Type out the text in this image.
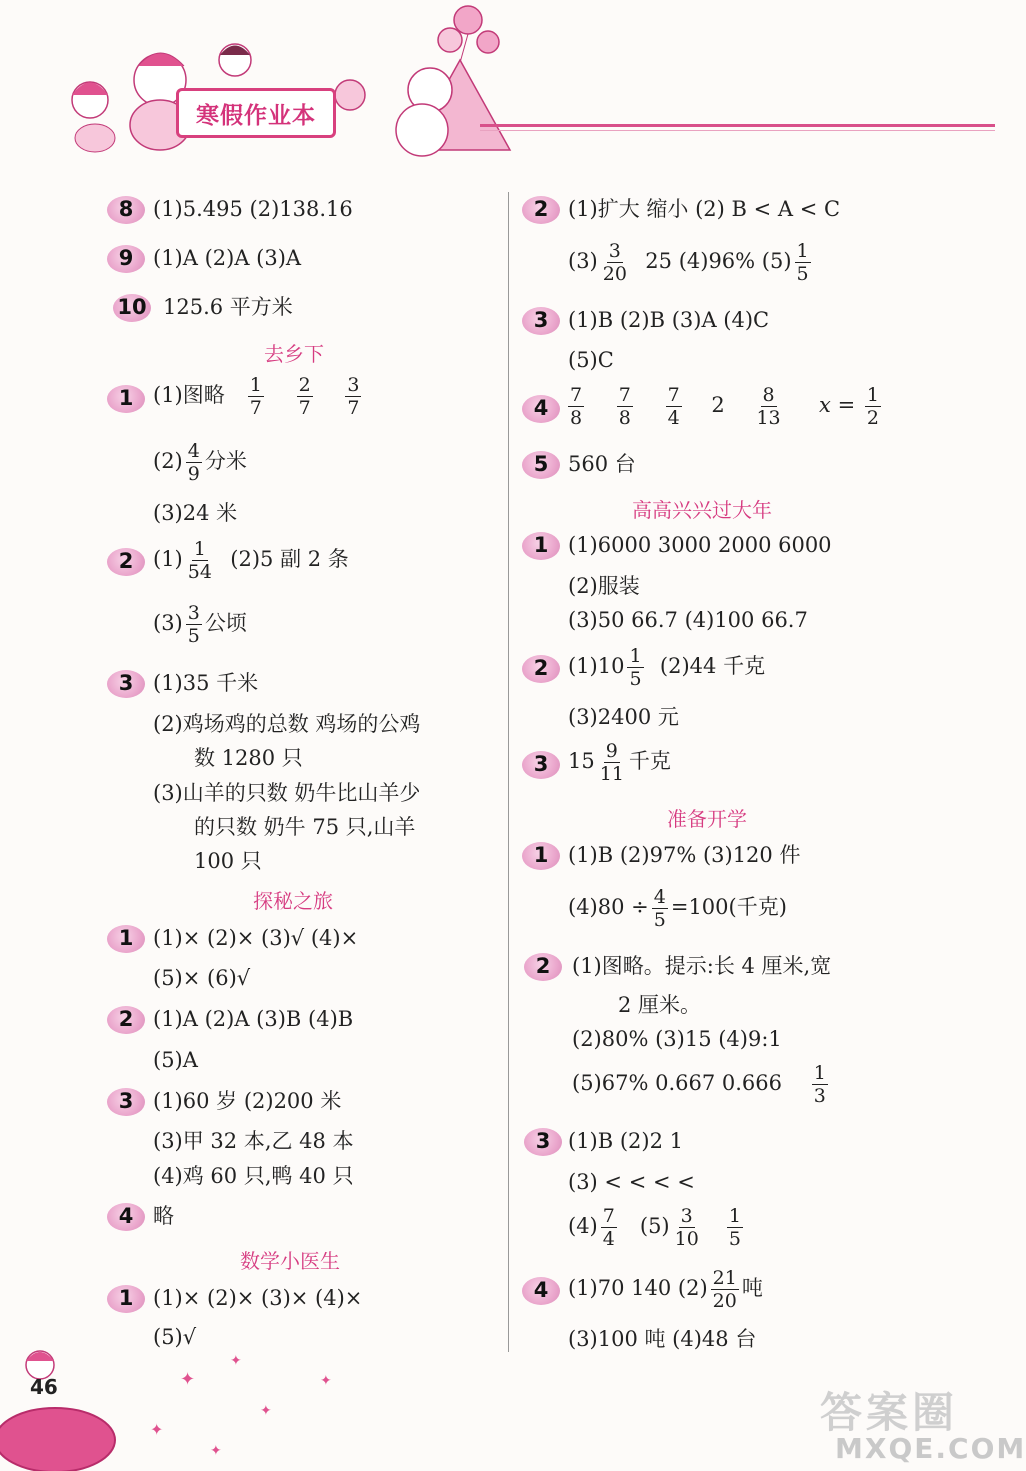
寒假作业本
8 (1)5.495 (2)138.16
9 (1)A (2)A (3)A
10 125.6 平方米
去乡下
1 (1)图略 $\frac{1}{7}$
$\frac{2}{7}$
$\frac{3}{7}$
$(2) \frac{4}{9}$ 分米
(3)24 米
2 $(1) \frac{1}{54} (2)5$ 副 2 条
$(3) \frac{3}{5}$ 公顷
3 (1)35 千米
(2)鸡场鸡的总数 鸡场的公鸡
数 1280 只
(3)山羊的只数 奶牛比山羊少
的只数 奶牛 75 只,山羊
100 只
探秘之旅
1 (1)× (2)× (3)√ (4)×
(5)× (6)√
2 (1)A (2)A (3)B (4)B
(5)A
3 (1)60 岁 (2)200 米
(3)甲 32 本,乙 48 本
(4)鸡 60 只,鸭 40 只
4 略
数学小医生
1 (1)× (2)× (3)× (4)×
(5)√
2 (1)扩大 缩小 (2) B < A < C
$(3) \frac{3}{20} 25$ (4)96% $(5) \frac{1}{5}$
3 (1)B (2)B (3)A (4)C
(5)C
4	$\frac{7}{8}$
$\frac{7}{8}$
$\frac{7}{4} 2 \frac{8}{13}$ $x = \frac{1}{2}$
5 560 台
高高兴兴过大年
1 (1)6000 3000 2000 6000
(2)服装
(3)50 66.7 (4)100 66.7
2 $(1)10 \frac{1}{5} (2)44$ 千克
(3)2400 元
3 $15 \frac{9}{11}$ 千克
准备开学
1 (1)B (2)97% (3)120 件
$(4)80 \div \frac{4}{5} =100$(千克)
2	(1)图略。提示:长 4 厘米,宽
2 厘米。
(2)80% (3)15 (4)9:1
(5)67% 0.667 $0.666 \frac{1}{3}$
3 (1)B (2)2 1
(3) < < < <
$(4) \frac{7}{4} (5) \frac{3}{10}$
$\frac{1}{5}$
4 (1)70 140 $(2) \frac{21}{20}$ 吨
(3)100 吨 (4)48 台
✦
✦
✦
✦
✦
✦
46
答案圈
MXQE.COM
